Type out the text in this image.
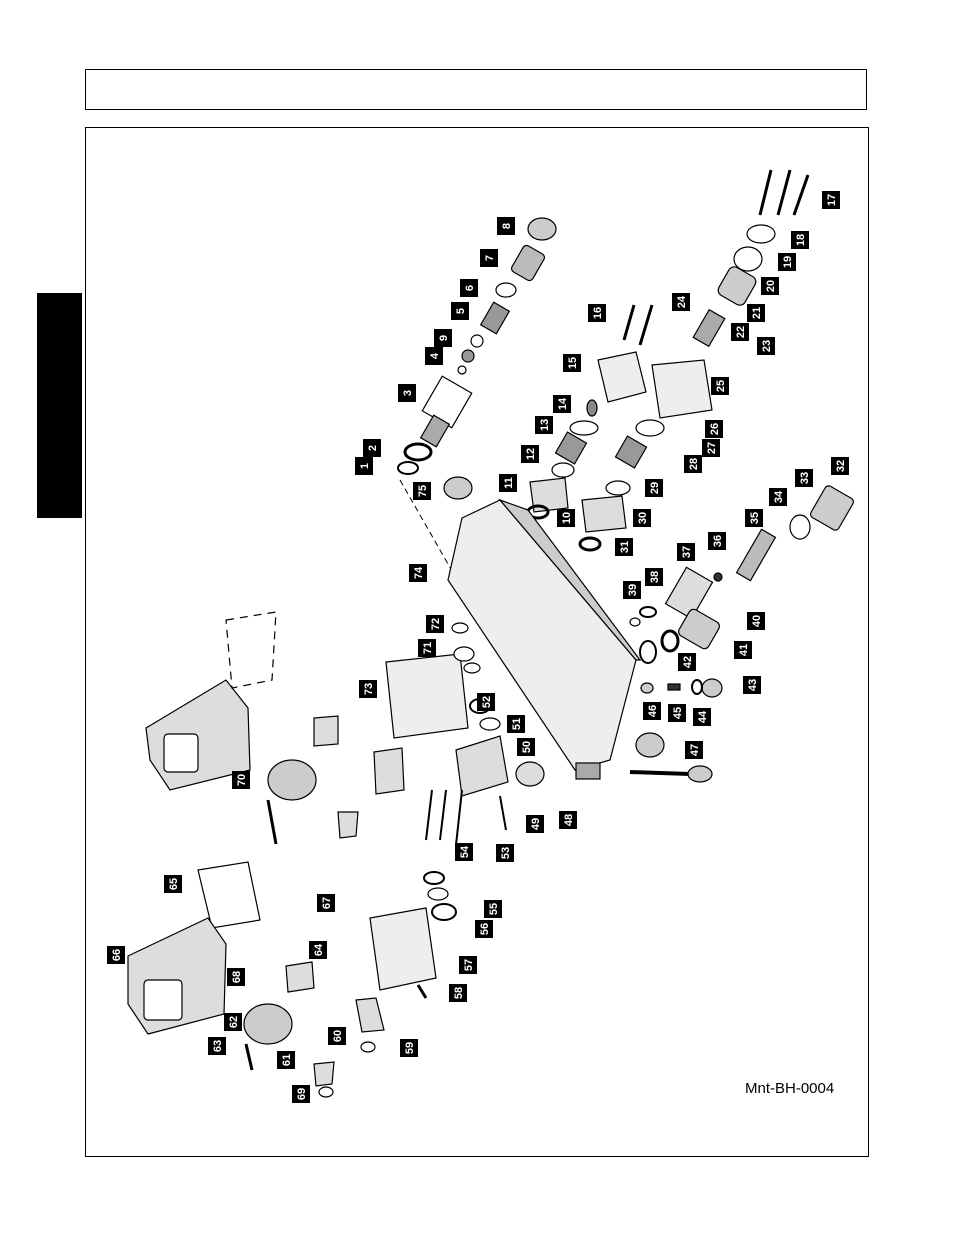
1
2
3
4
5
6
7
8
9
10
11
12
13
14
15
16
17
18
19
20
21
22
23
24
25
26
27
28
29
30
31
32
33
34
35
36
37
38
39
40
41
42
43
44
45
46
47
48
49
50
51
52
53
54
55
56
57
58
59
60
61
62
63
64
65
66
67
68
69
70
71
72
73
74
75
Mnt-BH-0004
